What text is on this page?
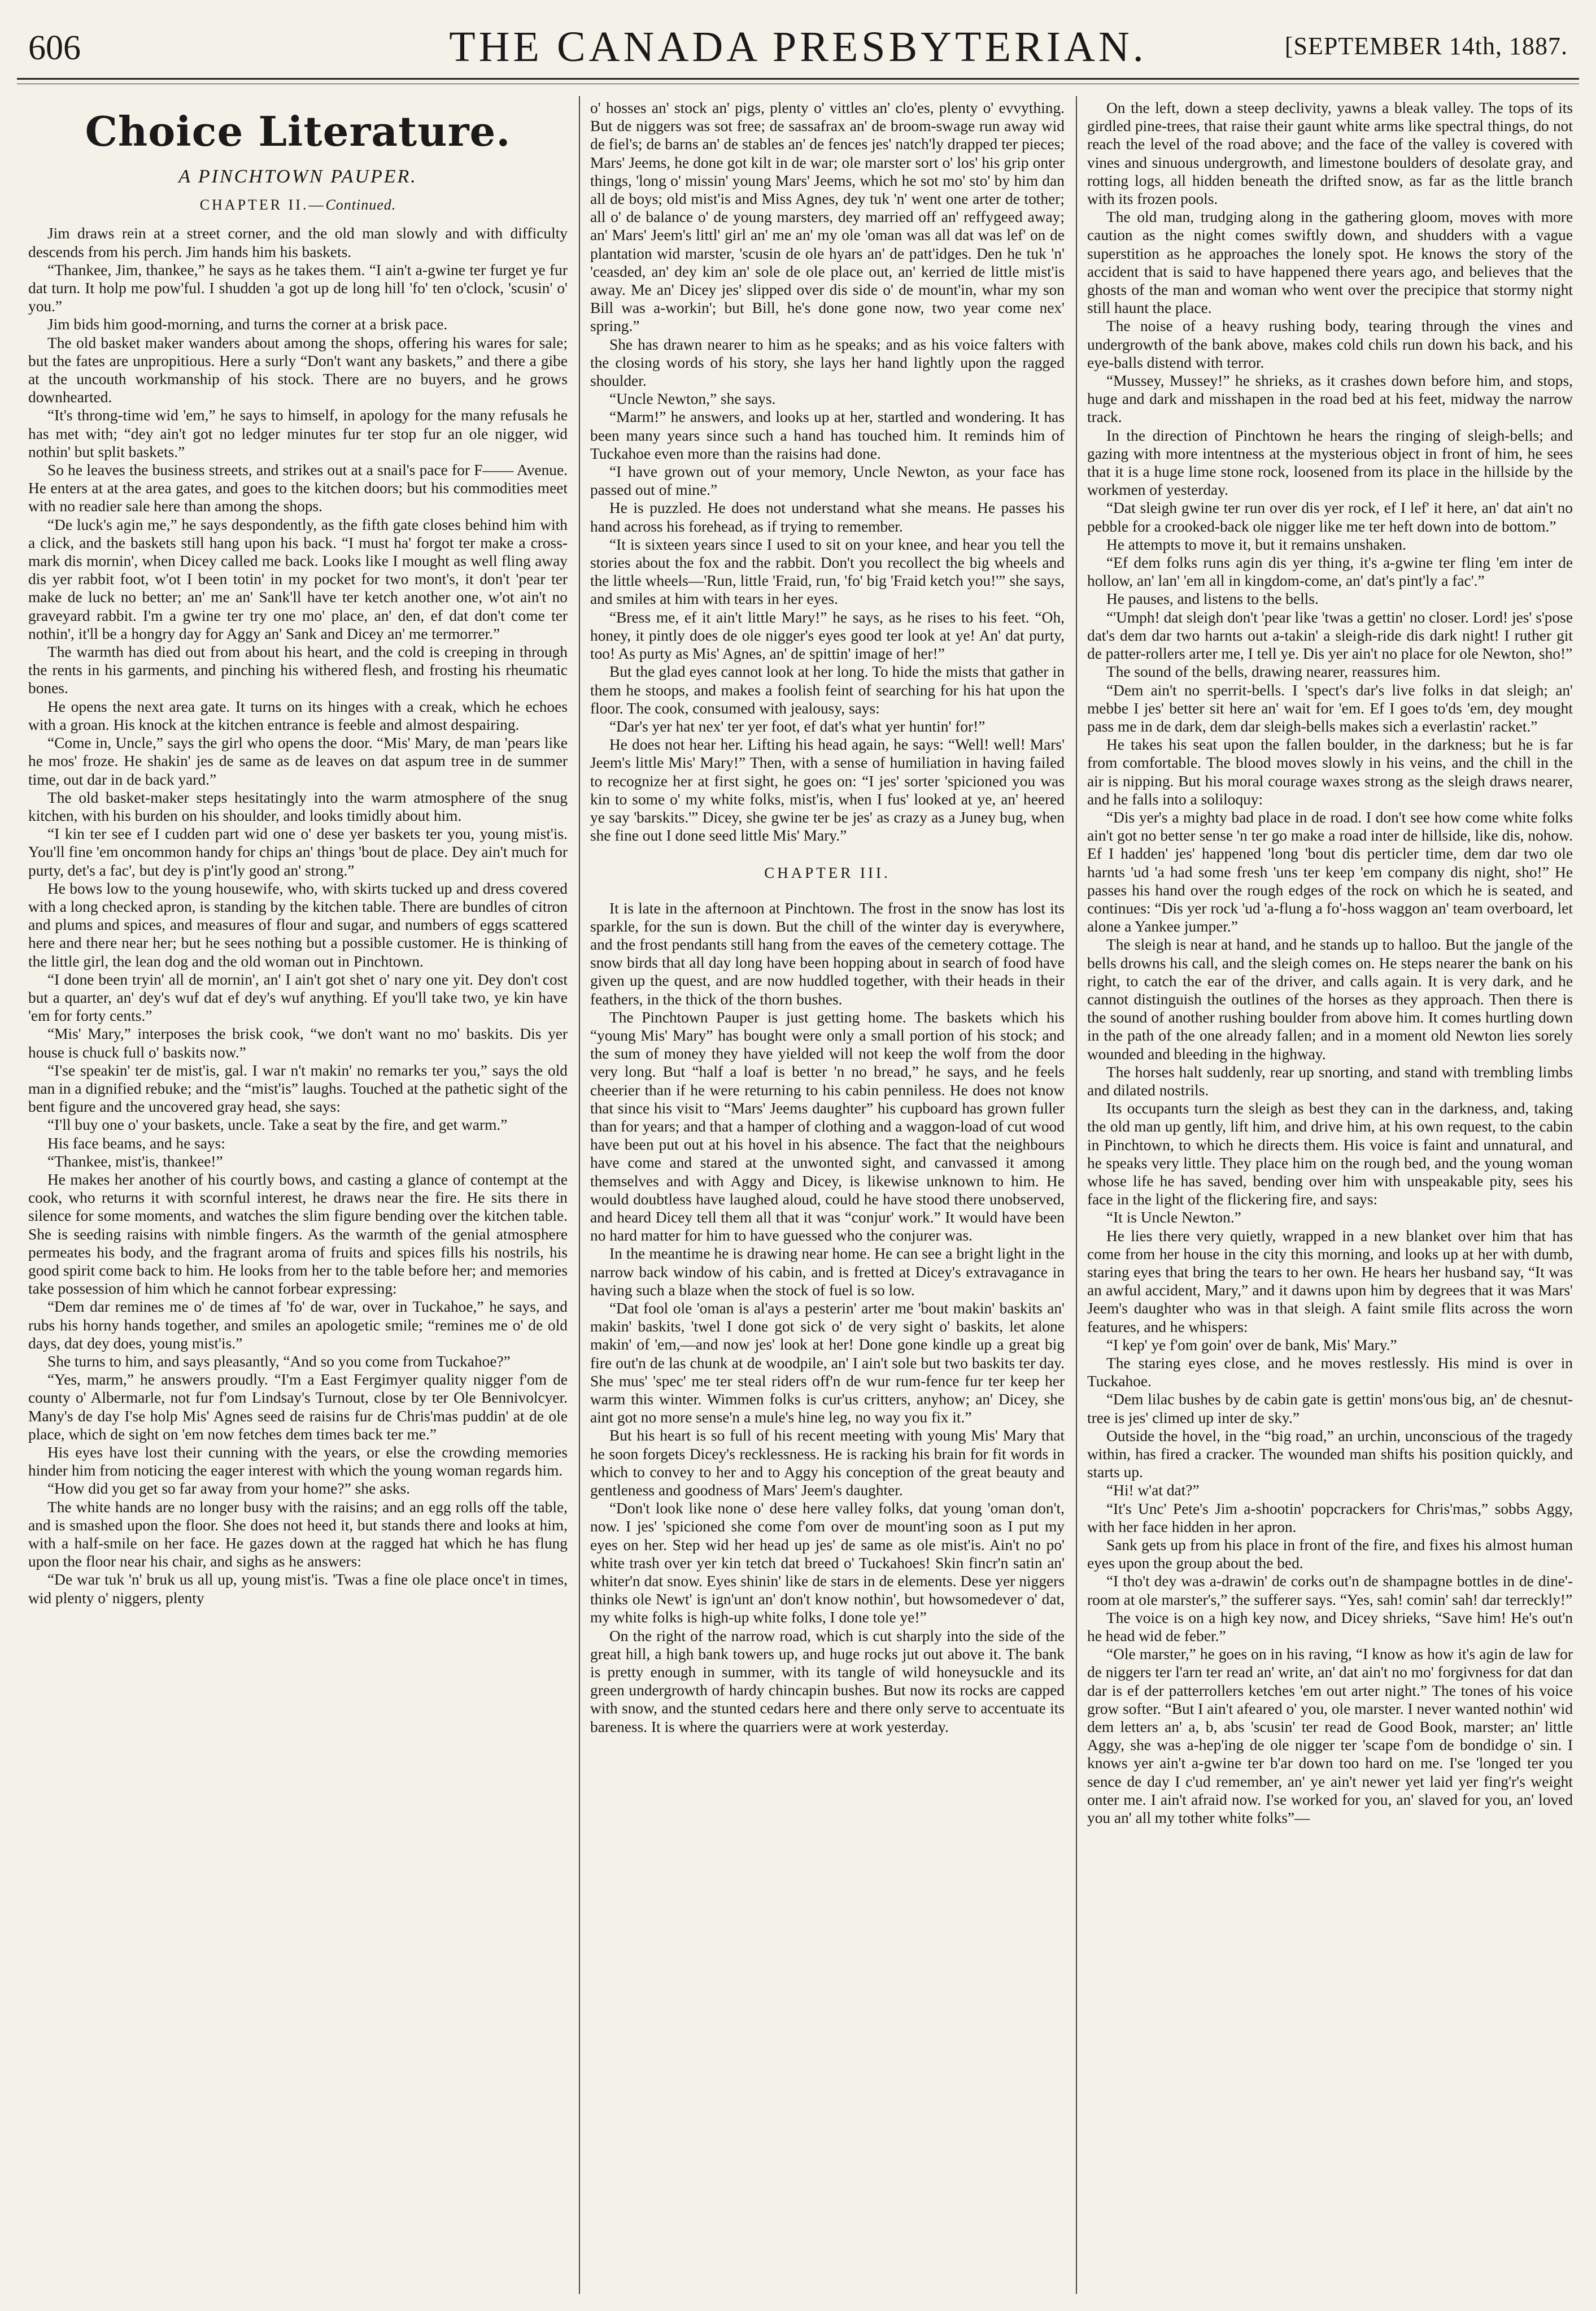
606	THE CANADA PRESBYTERIAN.	[SEPTEMBER 14th, 1887.
Choice Literature.
A PINCHTOWN PAUPER.
CHAPTER II.—Continued.

Jim draws rein at a street corner, and the old man slowly and with difficulty descends from his perch. Jim hands him his baskets.

“Thankee, Jim, thankee,” he says as he takes them. “I ain't a-gwine ter furget ye fur dat turn. It holp me pow'ful. I shudden 'a got up de long hill 'fo' ten o'clock, 'scusin' o' you.”

Jim bids him good-morning, and turns the corner at a brisk pace.

The old basket maker wanders about among the shops, offering his wares for sale; but the fates are unpropitious. Here a surly “Don't want any baskets,” and there a gibe at the uncouth workmanship of his stock. There are no buyers, and he grows downhearted.

“It's throng-time wid 'em,” he says to himself, in apology for the many refusals he has met with; “dey ain't got no ledger minutes fur ter stop fur an ole nigger, wid nothin' but split baskets.”

So he leaves the business streets, and strikes out at a snail's pace for F—— Avenue. He enters at at the area gates, and goes to the kitchen doors; but his commodities meet with no readier sale here than among the shops.

“De luck's agin me,” he says despondently, as the fifth gate closes behind him with a click, and the baskets still hang upon his back. “I must ha' forgot ter make a cross-mark dis mornin', when Dicey called me back. Looks like I mought as well fling away dis yer rabbit foot, w'ot I been totin' in my pocket for two mont's, it don't 'pear ter make de luck no better; an' me an' Sank'll have ter ketch another one, w'ot ain't no graveyard rabbit. I'm a gwine ter try one mo' place, an' den, ef dat don't come ter nothin', it'll be a hongry day for Aggy an' Sank and Dicey an' me termorrer.”

The warmth has died out from about his heart, and the cold is creeping in through the rents in his garments, and pinching his withered flesh, and frosting his rheumatic bones.

He opens the next area gate. It turns on its hinges with a creak, which he echoes with a groan. His knock at the kitchen entrance is feeble and almost despairing.

“Come in, Uncle,” says the girl who opens the door. “Mis' Mary, de man 'pears like he mos' froze. He shakin' jes de same as de leaves on dat aspum tree in de summer time, out dar in de back yard.”

The old basket-maker steps hesitatingly into the warm atmosphere of the snug kitchen, with his burden on his shoulder, and looks timidly about him.

“I kin ter see ef I cudden part wid one o' dese yer baskets ter you, young mist'is. You'll fine 'em oncommon handy for chips an' things 'bout de place. Dey ain't much for purty, det's a fac', but dey is p'int'ly good an' strong.”

He bows low to the young housewife, who, with skirts tucked up and dress covered with a long checked apron, is standing by the kitchen table. There are bundles of citron and plums and spices, and measures of flour and sugar, and numbers of eggs scattered here and there near her; but he sees nothing but a possible customer. He is thinking of the little girl, the lean dog and the old woman out in Pinchtown.

“I done been tryin' all de mornin', an' I ain't got shet o' nary one yit. Dey don't cost but a quarter, an' dey's wuf dat ef dey's wuf anything. Ef you'll take two, ye kin have 'em for forty cents.”

“Mis' Mary,” interposes the brisk cook, “we don't want no mo' baskits. Dis yer house is chuck full o' baskits now.”

“I'se speakin' ter de mist'is, gal. I war n't makin' no remarks ter you,” says the old man in a dignified rebuke; and the “mist'is” laughs. Touched at the pathetic sight of the bent figure and the uncovered gray head, she says:

“I'll buy one o' your baskets, uncle. Take a seat by the fire, and get warm.”

His face beams, and he says:

“Thankee, mist'is, thankee!”

He makes her another of his courtly bows, and casting a glance of contempt at the cook, who returns it with scornful interest, he draws near the fire. He sits there in silence for some moments, and watches the slim figure bending over the kitchen table. She is seeding raisins with nimble fingers. As the warmth of the genial atmosphere permeates his body, and the fragrant aroma of fruits and spices fills his nostrils, his good spirit come back to him. He looks from her to the table before her; and memories take possession of him which he cannot forbear expressing:

“Dem dar remines me o' de times af 'fo' de war, over in Tuckahoe,” he says, and rubs his horny hands together, and smiles an apologetic smile; “remines me o' de old days, dat dey does, young mist'is.”

She turns to him, and says pleasantly, “And so you come from Tuckahoe?”

“Yes, marm,” he answers proudly. “I'm a East Fergimyer quality nigger f'om de county o' Albermarle, not fur f'om Lindsay's Turnout, close by ter Ole Bennivolcyer. Many's de day I'se holp Mis' Agnes seed de raisins fur de Chris'mas puddin' at de ole place, which de sight on 'em now fetches dem times back ter me.”

His eyes have lost their cunning with the years, or else the crowding memories hinder him from noticing the eager interest with which the young woman regards him.

“How did you get so far away from your home?” she asks.

The white hands are no longer busy with the raisins; and an egg rolls off the table, and is smashed upon the floor. She does not heed it, but stands there and looks at him, with a half-smile on her face. He gazes down at the ragged hat which he has flung upon the floor near his chair, and sighs as he answers:

“De war tuk 'n' bruk us all up, young mist'is. 'Twas a fine ole place once't in times, wid plenty o' niggers, plenty

o' hosses an' stock an' pigs, plenty o' vittles an' clo'es, plenty o' evvything. But de niggers was sot free; de sassafrax an' de broom-swage run away wid de fiel's; de barns an' de stables an' de fences jes' natch'ly drapped ter pieces; Mars' Jeems, he done got kilt in de war; ole marster sort o' los' his grip onter things, 'long o' missin' young Mars' Jeems, which he sot mo' sto' by him dan all de boys; old mist'is and Miss Agnes, dey tuk 'n' went one arter de tother; all o' de balance o' de young marsters, dey married off an' reffygeed away; an' Mars' Jeem's littl' girl an' me an' my ole 'oman was all dat was lef' on de plantation wid marster, 'scusin de ole hyars an' de patt'idges. Den he tuk 'n' 'ceasded, an' dey kim an' sole de ole place out, an' kerried de little mist'is away. Me an' Dicey jes' slipped over dis side o' de mount'in, whar my son Bill was a-workin'; but Bill, he's done gone now, two year come nex' spring.”

She has drawn nearer to him as he speaks; and as his voice falters with the closing words of his story, she lays her hand lightly upon the ragged shoulder.

“Uncle Newton,” she says.

“Marm!” he answers, and looks up at her, startled and wondering. It has been many years since such a hand has touched him. It reminds him of Tuckahoe even more than the raisins had done.

“I have grown out of your memory, Uncle Newton, as your face has passed out of mine.”

He is puzzled. He does not understand what she means. He passes his hand across his forehead, as if trying to remember.

“It is sixteen years since I used to sit on your knee, and hear you tell the stories about the fox and the rabbit. Don't you recollect the big wheels and the little wheels—'Run, little 'Fraid, run, 'fo' big 'Fraid ketch you!'” she says, and smiles at him with tears in her eyes.

“Bress me, ef it ain't little Mary!” he says, as he rises to his feet. “Oh, honey, it pintly does de ole nigger's eyes good ter look at ye! An' dat purty, too! As purty as Mis' Agnes, an' de spittin' image of her!”

But the glad eyes cannot look at her long. To hide the mists that gather in them he stoops, and makes a foolish feint of searching for his hat upon the floor. The cook, consumed with jealousy, says:

“Dar's yer hat nex' ter yer foot, ef dat's what yer huntin' for!”

He does not hear her. Lifting his head again, he says: “Well! well! Mars' Jeem's little Mis' Mary!” Then, with a sense of humiliation in having failed to recognize her at first sight, he goes on: “I jes' sorter 'spicioned you was kin to some o' my white folks, mist'is, when I fus' looked at ye, an' heered ye say 'barskits.'” Dicey, she gwine ter be jes' as crazy as a Juney bug, when she fine out I done seed little Mis' Mary.”

CHAPTER III.

It is late in the afternoon at Pinchtown. The frost in the snow has lost its sparkle, for the sun is down. But the chill of the winter day is everywhere, and the frost pendants still hang from the eaves of the cemetery cottage. The snow birds that all day long have been hopping about in search of food have given up the quest, and are now huddled together, with their heads in their feathers, in the thick of the thorn bushes.

The Pinchtown Pauper is just getting home. The baskets which his “young Mis' Mary” has bought were only a small portion of his stock; and the sum of money they have yielded will not keep the wolf from the door very long. But “half a loaf is better 'n no bread,” he says, and he feels cheerier than if he were returning to his cabin penniless. He does not know that since his visit to “Mars' Jeems daughter” his cupboard has grown fuller than for years; and that a hamper of clothing and a waggon-load of cut wood have been put out at his hovel in his absence. The fact that the neighbours have come and stared at the unwonted sight, and canvassed it among themselves and with Aggy and Dicey, is likewise unknown to him. He would doubtless have laughed aloud, could he have stood there unobserved, and heard Dicey tell them all that it was “conjur' work.” It would have been no hard matter for him to have guessed who the conjurer was.

In the meantime he is drawing near home. He can see a bright light in the narrow back window of his cabin, and is fretted at Dicey's extravagance in having such a blaze when the stock of fuel is so low.

“Dat fool ole 'oman is al'ays a pesterin' arter me 'bout makin' baskits an' makin' baskits, 'twel I done got sick o' de very sight o' baskits, let alone makin' of 'em,—and now jes' look at her! Done gone kindle up a great big fire out'n de las chunk at de woodpile, an' I ain't sole but two baskits ter day. She mus' 'spec' me ter steal riders off'n de wur rum-fence fur ter keep her warm this winter. Wimmen folks is cur'us critters, anyhow; an' Dicey, she aint got no more sense'n a mule's hine leg, no way you fix it.”

But his heart is so full of his recent meeting with young Mis' Mary that he soon forgets Dicey's recklessness. He is racking his brain for fit words in which to convey to her and to Aggy his conception of the great beauty and gentleness and goodness of Mars' Jeem's daughter.

“Don't look like none o' dese here valley folks, dat young 'oman don't, now. I jes' 'spicioned she come f'om over de mount'ing soon as I put my eyes on her. Step wid her head up jes' de same as ole mist'is. Ain't no po' white trash over yer kin tetch dat breed o' Tuckahoes! Skin fincr'n satin an' whiter'n dat snow. Eyes shinin' like de stars in de elements. Dese yer niggers thinks ole Newt' is ign'unt an' don't know nothin', but howsomedever o' dat, my white folks is high-up white folks, I done tole ye!”

On the right of the narrow road, which is cut sharply into the side of the great hill, a high bank towers up, and huge rocks jut out above it. The bank is pretty enough in summer, with its tangle of wild honeysuckle and its green undergrowth of hardy chincapin bushes. But now its rocks are capped with snow, and the stunted cedars here and there only serve to accentuate its bareness. It is where the quarriers were at work yesterday.

On the left, down a steep declivity, yawns a bleak valley. The tops of its girdled pine-trees, that raise their gaunt white arms like spectral things, do not reach the level of the road above; and the face of the valley is covered with vines and sinuous undergrowth, and limestone boulders of desolate gray, and rotting logs, all hidden beneath the drifted snow, as far as the little branch with its frozen pools.

The old man, trudging along in the gathering gloom, moves with more caution as the night comes swiftly down, and shudders with a vague superstition as he approaches the lonely spot. He knows the story of the accident that is said to have happened there years ago, and believes that the ghosts of the man and woman who went over the precipice that stormy night still haunt the place.

The noise of a heavy rushing body, tearing through the vines and undergrowth of the bank above, makes cold chils run down his back, and his eye-balls distend with terror.

“Mussey, Mussey!” he shrieks, as it crashes down before him, and stops, huge and dark and misshapen in the road bed at his feet, midway the narrow track.

In the direction of Pinchtown he hears the ringing of sleigh-bells; and gazing with more intentness at the mysterious object in front of him, he sees that it is a huge lime stone rock, loosened from its place in the hillside by the workmen of yesterday.

“Dat sleigh gwine ter run over dis yer rock, ef I lef' it here, an' dat ain't no pebble for a crooked-back ole nigger like me ter heft down into de bottom.”

He attempts to move it, but it remains unshaken.

“Ef dem folks runs agin dis yer thing, it's a-gwine ter fling 'em inter de hollow, an' lan' 'em all in kingdom-come, an' dat's pint'ly a fac'.”

He pauses, and listens to the bells.

“'Umph! dat sleigh don't 'pear like 'twas a gettin' no closer. Lord! jes' s'pose dat's dem dar two harnts out a-takin' a sleigh-ride dis dark night! I ruther git de patter-rollers arter me, I tell ye. Dis yer ain't no place for ole Newton, sho!”

The sound of the bells, drawing nearer, reassures him.

“Dem ain't no sperrit-bells. I 'spect's dar's live folks in dat sleigh; an' mebbe I jes' better sit here an' wait for 'em. Ef I goes to'ds 'em, dey mought pass me in de dark, dem dar sleigh-bells makes sich a everlastin' racket.”

He takes his seat upon the fallen boulder, in the darkness; but he is far from comfortable. The blood moves slowly in his veins, and the chill in the air is nipping. But his moral courage waxes strong as the sleigh draws nearer, and he falls into a soliloquy:

“Dis yer's a mighty bad place in de road. I don't see how come white folks ain't got no better sense 'n ter go make a road inter de hillside, like dis, nohow. Ef I hadden' jes' happened 'long 'bout dis perticler time, dem dar two ole harnts 'ud 'a had some fresh 'uns ter keep 'em company dis night, sho!” He passes his hand over the rough edges of the rock on which he is seated, and continues: “Dis yer rock 'ud 'a-flung a fo'-hoss waggon an' team overboard, let alone a Yankee jumper.”

The sleigh is near at hand, and he stands up to halloo. But the jangle of the bells drowns his call, and the sleigh comes on. He steps nearer the bank on his right, to catch the ear of the driver, and calls again. It is very dark, and he cannot distinguish the outlines of the horses as they approach. Then there is the sound of another rushing boulder from above him. It comes hurtling down in the path of the one already fallen; and in a moment old Newton lies sorely wounded and bleeding in the highway.

The horses halt suddenly, rear up snorting, and stand with trembling limbs and dilated nostrils.

Its occupants turn the sleigh as best they can in the darkness, and, taking the old man up gently, lift him, and drive him, at his own request, to the cabin in Pinchtown, to which he directs them. His voice is faint and unnatural, and he speaks very little. They place him on the rough bed, and the young woman whose life he has saved, bending over him with unspeakable pity, sees his face in the light of the flickering fire, and says:

“It is Uncle Newton.”

He lies there very quietly, wrapped in a new blanket over him that has come from her house in the city this morning, and looks up at her with dumb, staring eyes that bring the tears to her own. He hears her husband say, “It was an awful accident, Mary,” and it dawns upon him by degrees that it was Mars' Jeem's daughter who was in that sleigh. A faint smile flits across the worn features, and he whispers:

“I kep' ye f'om goin' over de bank, Mis' Mary.”

The staring eyes close, and he moves restlessly. His mind is over in Tuckahoe.

“Dem lilac bushes by de cabin gate is gettin' mons'ous big, an' de chesnut-tree is jes' climed up inter de sky.”

Outside the hovel, in the “big road,” an urchin, unconscious of the tragedy within, has fired a cracker. The wounded man shifts his position quickly, and starts up.

“Hi! w'at dat?”

“It's Unc' Pete's Jim a-shootin' popcrackers for Chris'mas,” sobbs Aggy, with her face hidden in her apron.

Sank gets up from his place in front of the fire, and fixes his almost human eyes upon the group about the bed.

“I tho't dey was a-drawin' de corks out'n de shampagne bottles in de dine'-room at ole marster's,” the sufferer says. “Yes, sah! comin' sah! dar terreckly!”

The voice is on a high key now, and Dicey shrieks, “Save him! He's out'n he head wid de feber.”

“Ole marster,” he goes on in his raving, “I know as how it's agin de law for de niggers ter l'arn ter read an' write, an' dat ain't no mo' forgivness for dat dan dar is ef der patterrollers ketches 'em out arter night.” The tones of his voice grow softer. “But I ain't afeared o' you, ole marster. I never wanted nothin' wid dem letters an' a, b, abs 'scusin' ter read de Good Book, marster; an' little Aggy, she was a-hep'ing de ole nigger ter 'scape f'om de bondidge o' sin. I knows yer ain't a-gwine ter b'ar down too hard on me. I'se 'longed ter you sence de day I c'ud remember, an' ye ain't newer yet laid yer fing'r's weight onter me. I ain't afraid now. I'se worked for you, an' slaved for you, an' loved you an' all my tother white folks”—
